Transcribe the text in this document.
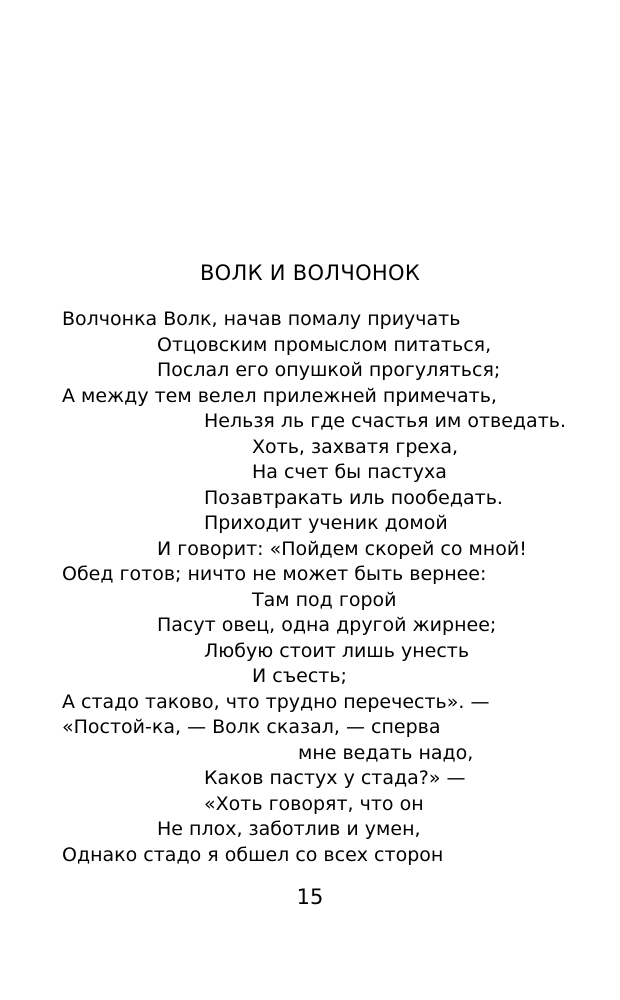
ВОЛК И ВОЛЧОНОК
Волчонка Волк, начав помалу приучать
Отцовским промыслом питаться,
Послал его опушкой прогуляться;
А между тем велел прилежней примечать,
Нельзя ль где счастья им отведать.
Хоть, захватя греха,
На счет бы пастуха
Позавтракать иль пообедать.
Приходит ученик домой
И говорит: «Пойдем скорей со мной!
Обед готов; ничто не может быть вернее:
Там под горой
Пасут овец, одна другой жирнее;
Любую стоит лишь унесть
И съесть;
А стадо таково, что трудно перечесть». —
«Постой-ка, — Волк сказал, — сперва
мне ведать надо,
Каков пастух у стада?» —
«Хоть говорят, что он
Не плох, заботлив и умен,
Однако стадо я обшел со всех сторон
15
